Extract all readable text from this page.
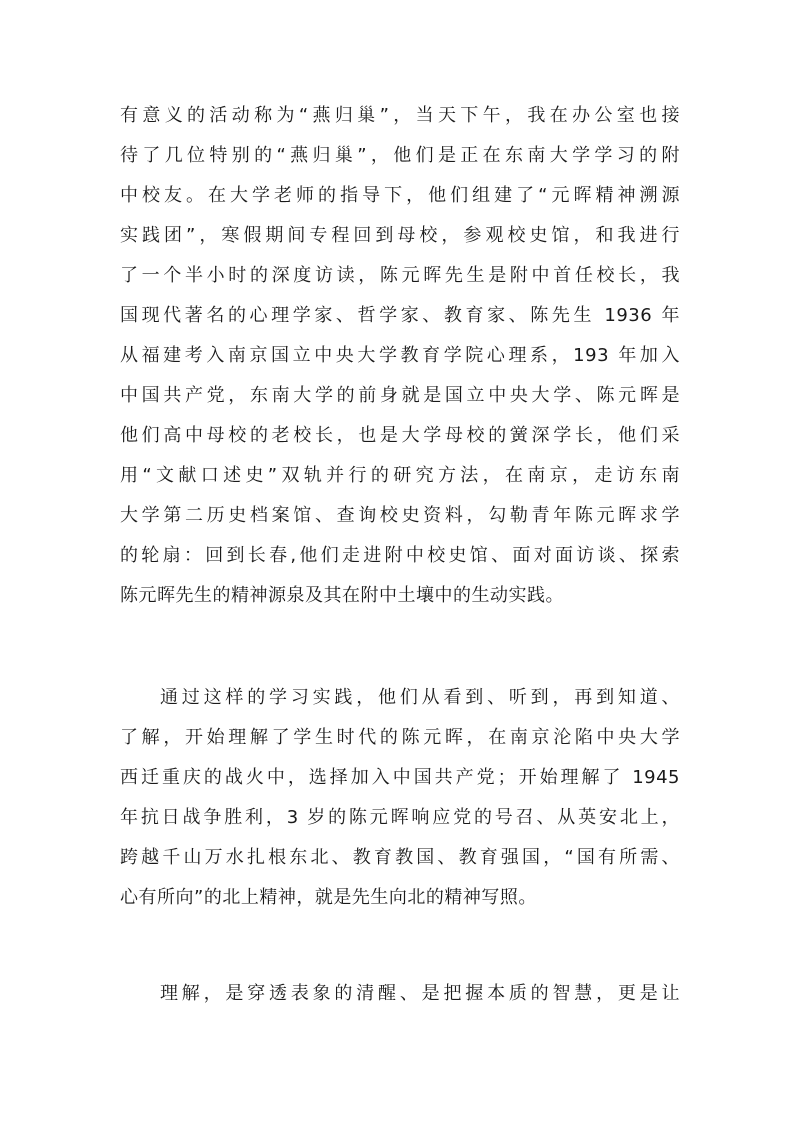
有意义的活动称为“燕归巢”，当天下午，我在办公室也接
待了几位特别的“燕归巢”，他们是正在东南大学学习的附
中校友。在大学老师的指导下，他们组建了“元晖精神溯源
实践团”，寒假期间专程回到母校，参观校史馆，和我进行
了一个半小时的深度访读，陈元晖先生是附中首任校长，我
国现代著名的心理学家、哲学家、教育家、陈先生 1936 年
从福建考入南京国立中央大学教育学院心理系，193 年加入
中国共产党，东南大学的前身就是国立中央大学、陈元晖是
他们高中母校的老校长，也是大学母校的黉深学长，他们采
用“文献口述史”双轨并行的研究方法，在南京，走访东南
大学第二历史档案馆、查询校史资料，勾勒青年陈元晖求学
的轮扇：回到长春,他们走进附中校史馆、面对面访谈、探索
陈元晖先生的精神源泉及其在附中土壤中的生动实践。
通过这样的学习实践，他们从看到、听到，再到知道、
了解，开始理解了学生时代的陈元晖，在南京沦陷中央大学
西迁重庆的战火中，选择加入中国共产党；开始理解了 1945
年抗日战争胜利，3 岁的陈元晖响应党的号召、从英安北上，
跨越千山万水扎根东北、教育教国、教育强国，“国有所需、
心有所向”的北上精神，就是先生向北的精神写照。
理解，是穿透表象的清醒、是把握本质的智慧，更是让
